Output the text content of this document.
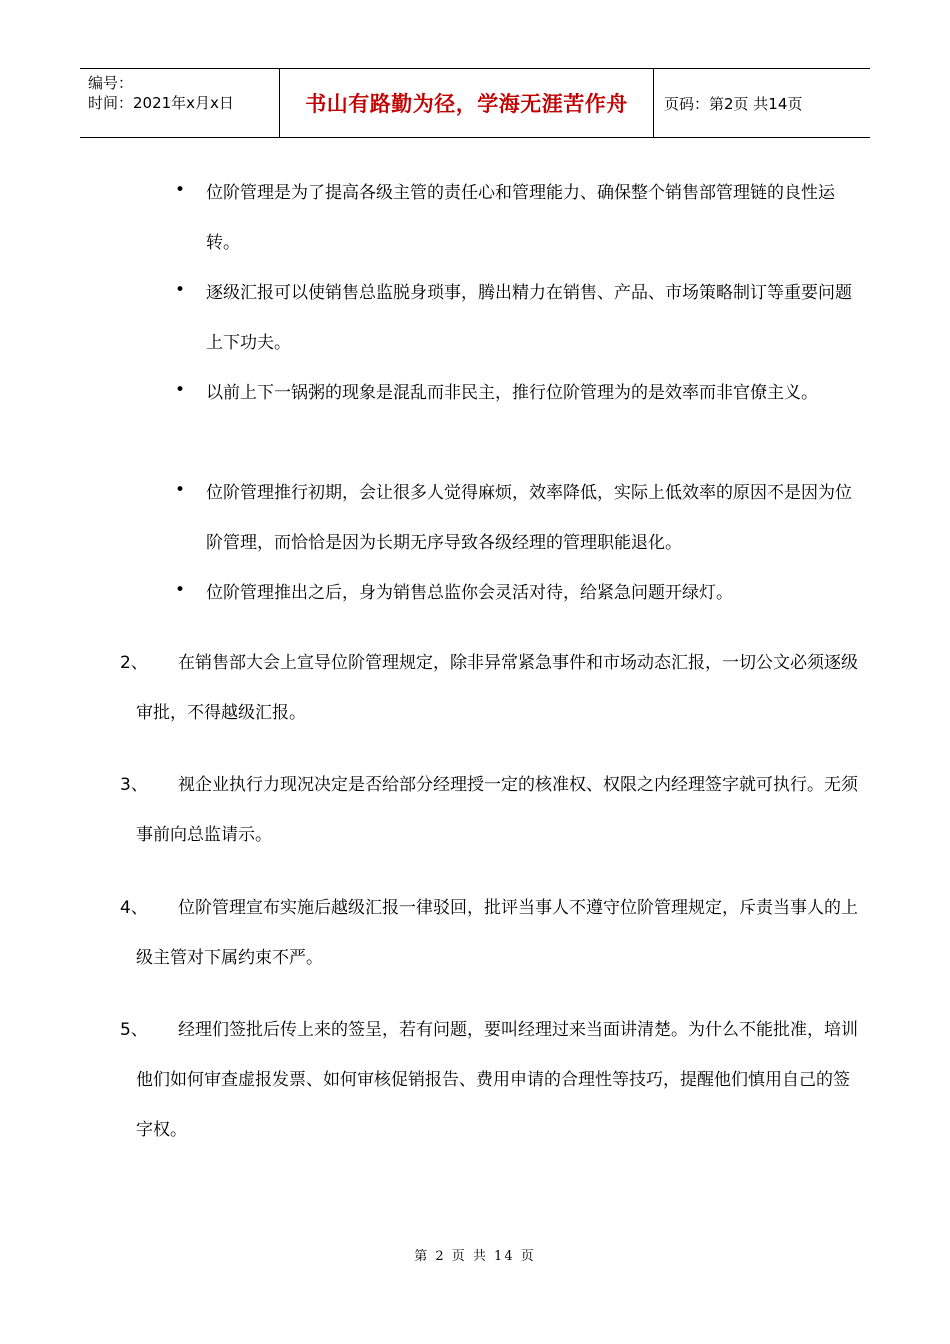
编号：
时间：2021年x月x日	书山有路勤为径，学海无涯苦作舟	页码：第2页 共14页
• 位阶管理是为了提高各级主管的责任心和管理能力、确保整个销售部管理链的良性运转。
• 逐级汇报可以使销售总监脱身琐事，腾出精力在销售、产品、市场策略制订等重要问题上下功夫。
• 以前上下一锅粥的现象是混乱而非民主，推行位阶管理为的是效率而非官僚主义。
• 位阶管理推行初期，会让很多人觉得麻烦，效率降低，实际上低效率的原因不是因为位阶管理，而恰恰是因为长期无序导致各级经理的管理职能退化。
• 位阶管理推出之后，身为销售总监你会灵活对待，给紧急问题开绿灯。
2、	在销售部大会上宣导位阶管理规定，除非异常紧急事件和市场动态汇报，一切公文必须逐级审批，不得越级汇报。
3、	视企业执行力现况决定是否给部分经理授一定的核准权、权限之内经理签字就可执行。无须事前向总监请示。
4、	位阶管理宣布实施后越级汇报一律驳回，批评当事人不遵守位阶管理规定，斥责当事人的上级主管对下属约束不严。
5、	经理们签批后传上来的签呈，若有问题，要叫经理过来当面讲清楚。为什么不能批准，培训他们如何审查虚报发票、如何审核促销报告、费用申请的合理性等技巧，提醒他们慎用自己的签字权。
第 2 页 共 14 页
